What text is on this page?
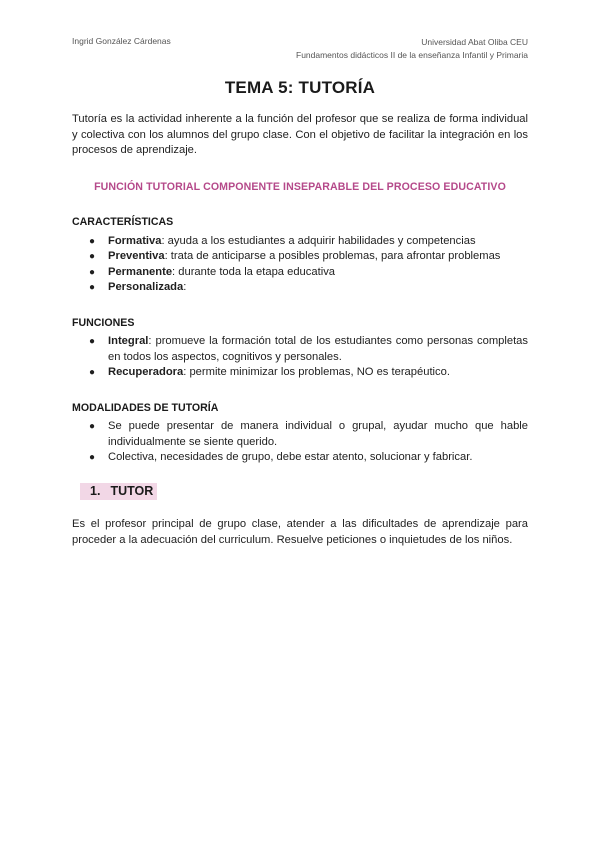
Ingrid González Cárdenas	Universidad Abat Oliba CEU
Fundamentos didácticos II de la enseñanza Infantil y Primaria
TEMA 5: TUTORÍA

Tutoría es la actividad inherente a la función del profesor que se realiza de forma individual y colectiva con los alumnos del grupo clase. Con el objetivo de facilitar la integración en los procesos de aprendizaje.

FUNCIÓN TUTORIAL COMPONENTE INSEPARABLE DEL PROCESO EDUCATIVO
CARACTERÍSTICAS
● Formativa: ayuda a los estudiantes a adquirir habilidades y competencias
● Preventiva: trata de anticiparse a posibles problemas, para afrontar problemas
● Permanente: durante toda la etapa educativa
● Personalizada:
FUNCIONES
● Integral: promueve la formación total de los estudiantes como personas completas en todos los aspectos, cognitivos y personales.
● Recuperadora: permite minimizar los problemas, NO es terapéutico.
MODALIDADES DE TUTORÍA
● Se puede presentar de manera individual o grupal, ayudar mucho que hable individualmente se siente querido.
● Colectiva, necesidades de grupo, debe estar atento, solucionar y fabricar.
1. TUTOR

Es el profesor principal de grupo clase, atender a las dificultades de aprendizaje para proceder a la adecuación del curriculum. Resuelve peticiones o inquietudes de los niños.
